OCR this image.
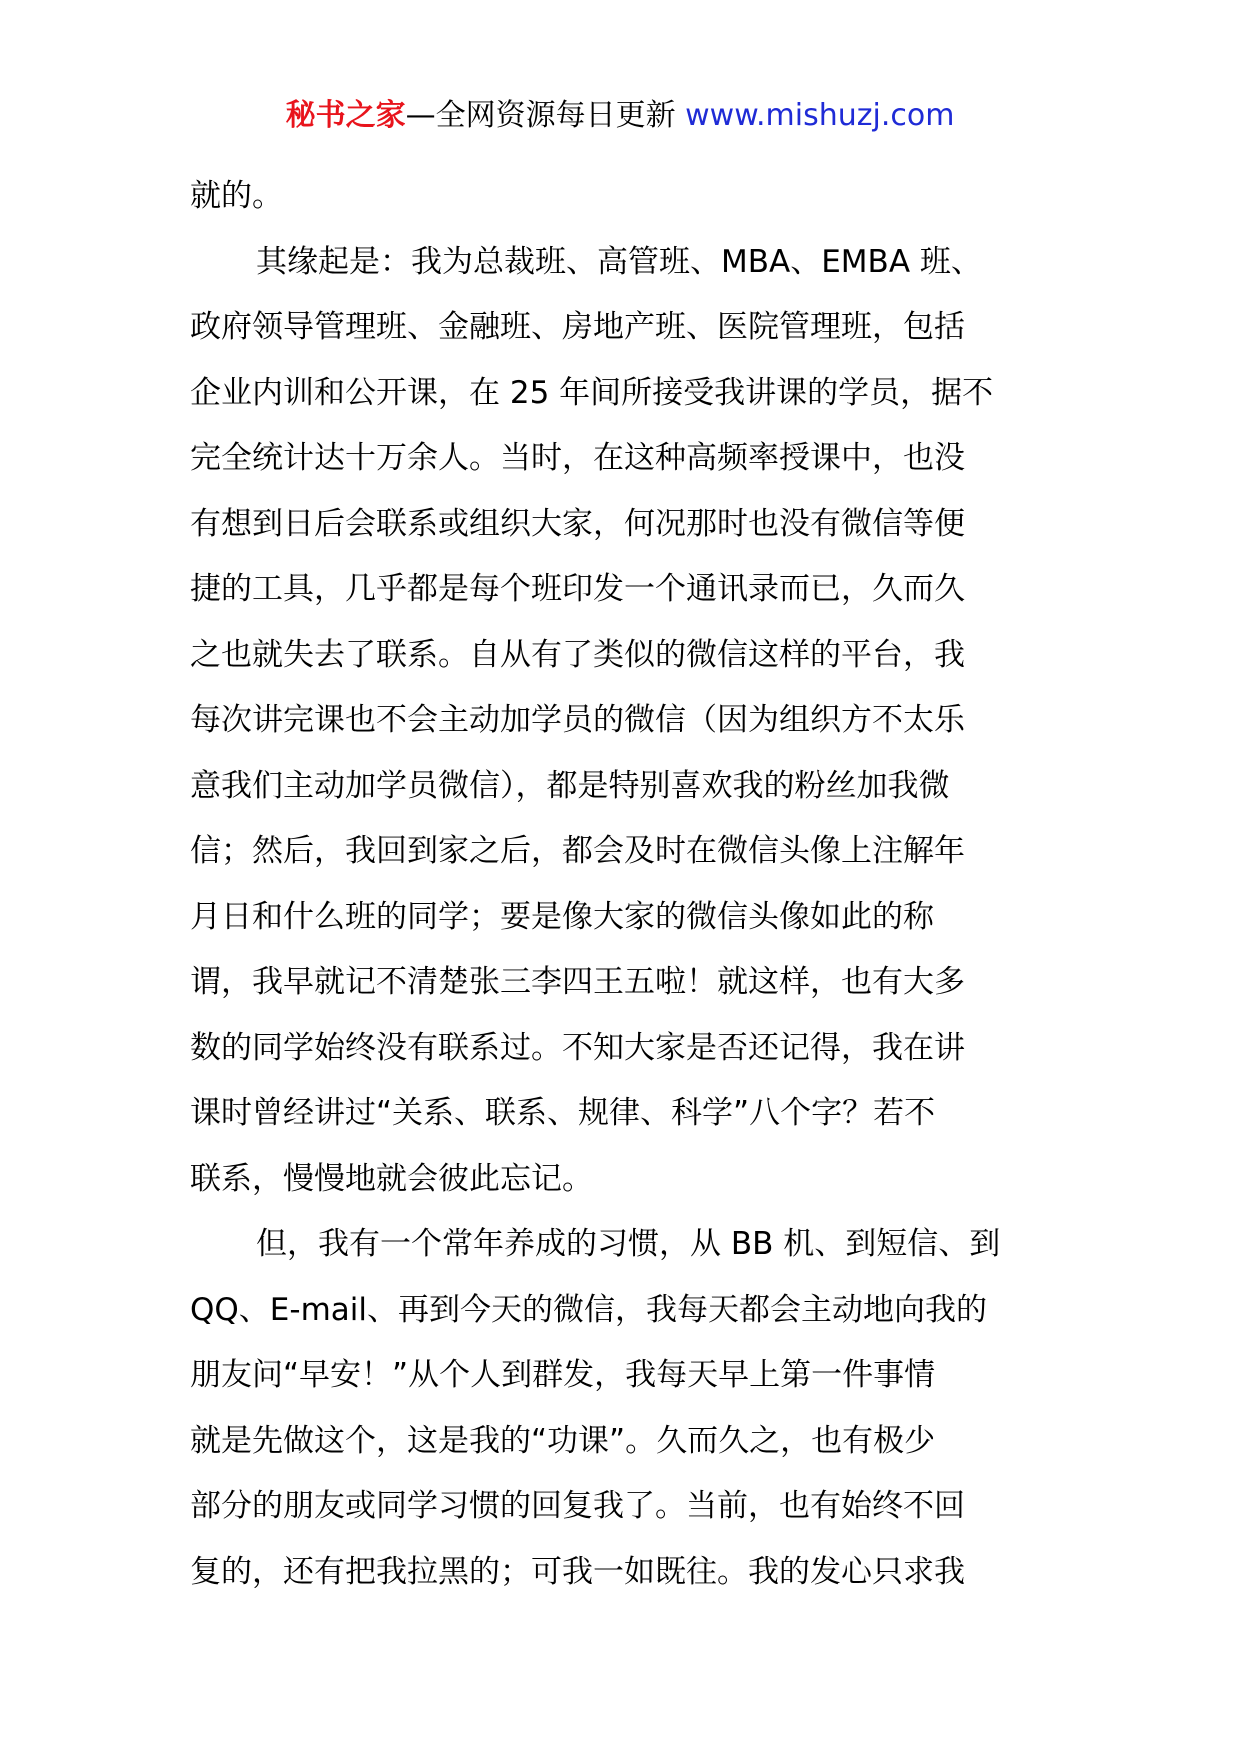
秘书之家—全网资源每日更新 www.mishuzj.com
就的。
其缘起是：我为总裁班、高管班、MBA、EMBA 班、
政府领导管理班、金融班、房地产班、医院管理班，包括
企业内训和公开课，在 25 年间所接受我讲课的学员，据不
完全统计达十万余人。当时，在这种高频率授课中，也没
有想到日后会联系或组织大家，何况那时也没有微信等便
捷的工具，几乎都是每个班印发一个通讯录而已，久而久
之也就失去了联系。自从有了类似的微信这样的平台，我
每次讲完课也不会主动加学员的微信（因为组织方不太乐
意我们主动加学员微信），都是特别喜欢我的粉丝加我微
信；然后，我回到家之后，都会及时在微信头像上注解年
月日和什么班的同学；要是像大家的微信头像如此的称
谓，我早就记不清楚张三李四王五啦！就这样，也有大多
数的同学始终没有联系过。不知大家是否还记得，我在讲
课时曾经讲过“关系、联系、规律、科学”八个字？若不
联系，慢慢地就会彼此忘记。
但，我有一个常年养成的习惯，从 BB 机、到短信、到
QQ、E-mail、再到今天的微信，我每天都会主动地向我的
朋友问“早安！”从个人到群发，我每天早上第一件事情
就是先做这个，这是我的“功课”。久而久之，也有极少
部分的朋友或同学习惯的回复我了。当前，也有始终不回
复的，还有把我拉黑的；可我一如既往。我的发心只求我
